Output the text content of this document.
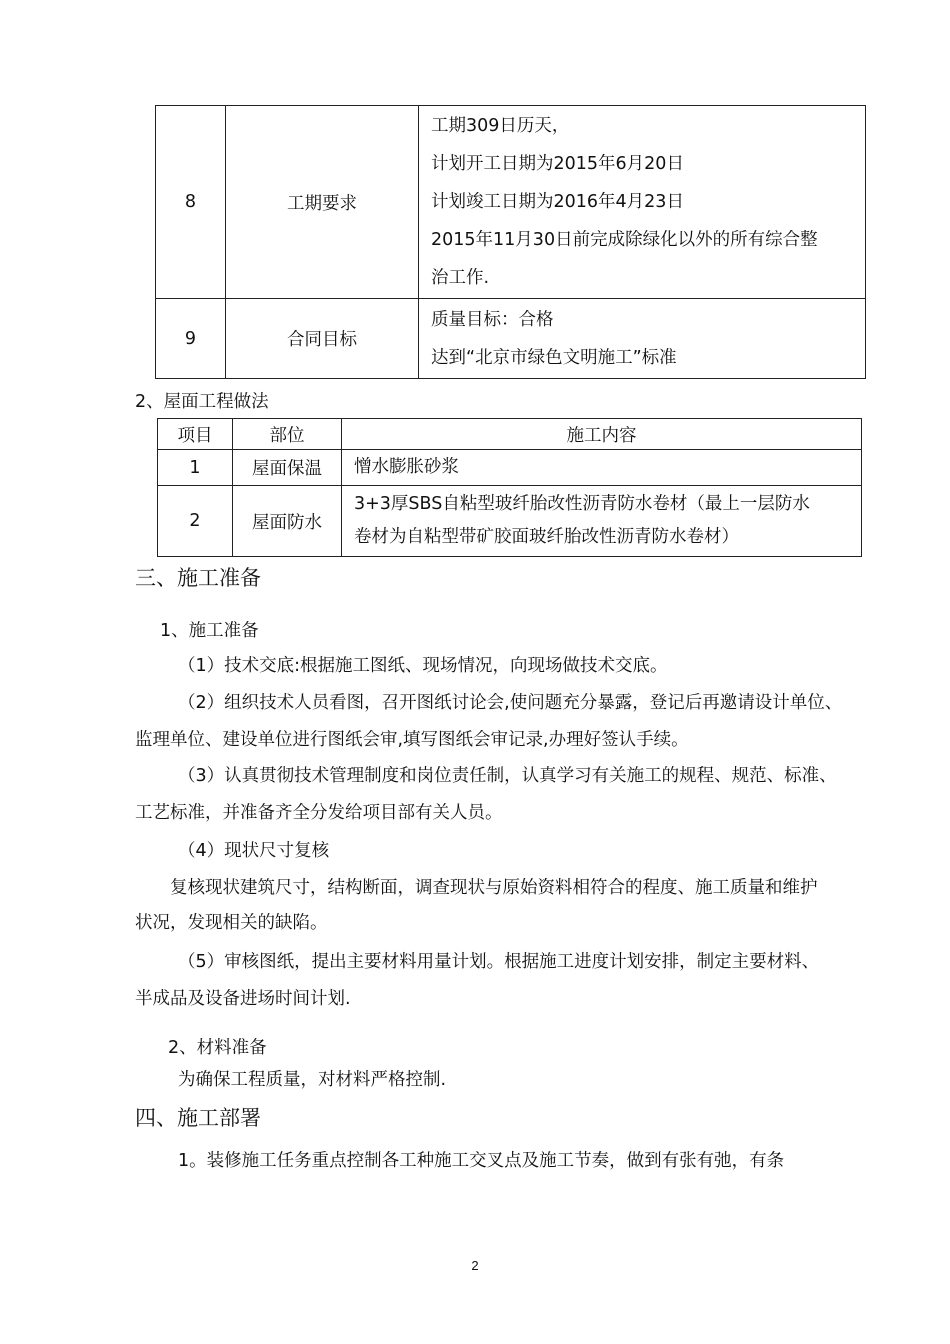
8	工期要求	工期309日历天，
计划开工日期为2015年6月20日
计划竣工日期为2016年4月23日
2015年11月30日前完成除绿化以外的所有综合整
治工作.

9	合同目标	质量目标：合格
达到“北京市绿色文明施工”标准
2、屋面工程做法
项目	部位	施工内容
1	屋面保温	憎水膨胀砂浆

2	屋面防水	3+3厚SBS自粘型玻纤胎改性沥青防水卷材（最上一层防水
卷材为自粘型带矿胶面玻纤胎改性沥青防水卷材）
三、施工准备
1、施工准备
（1）技术交底:根据施工图纸、现场情况，向现场做技术交底。
（2）组织技术人员看图，召开图纸讨论会,使问题充分暴露，登记后再邀请设计单位、
监理单位、建设单位进行图纸会审,填写图纸会审记录,办理好签认手续。
（3）认真贯彻技术管理制度和岗位责任制，认真学习有关施工的规程、规范、标准、
工艺标准，并准备齐全分发给项目部有关人员。
（4）现状尺寸复核
复核现状建筑尺寸，结构断面，调查现状与原始资料相符合的程度、施工质量和维护
状况，发现相关的缺陷。
（5）审核图纸，提出主要材料用量计划。根据施工进度计划安排，制定主要材料、
半成品及设备进场时间计划.
2、材料准备
为确保工程质量，对材料严格控制.
四、施工部署
1。装修施工任务重点控制各工种施工交叉点及施工节奏，做到有张有弛，有条
2
